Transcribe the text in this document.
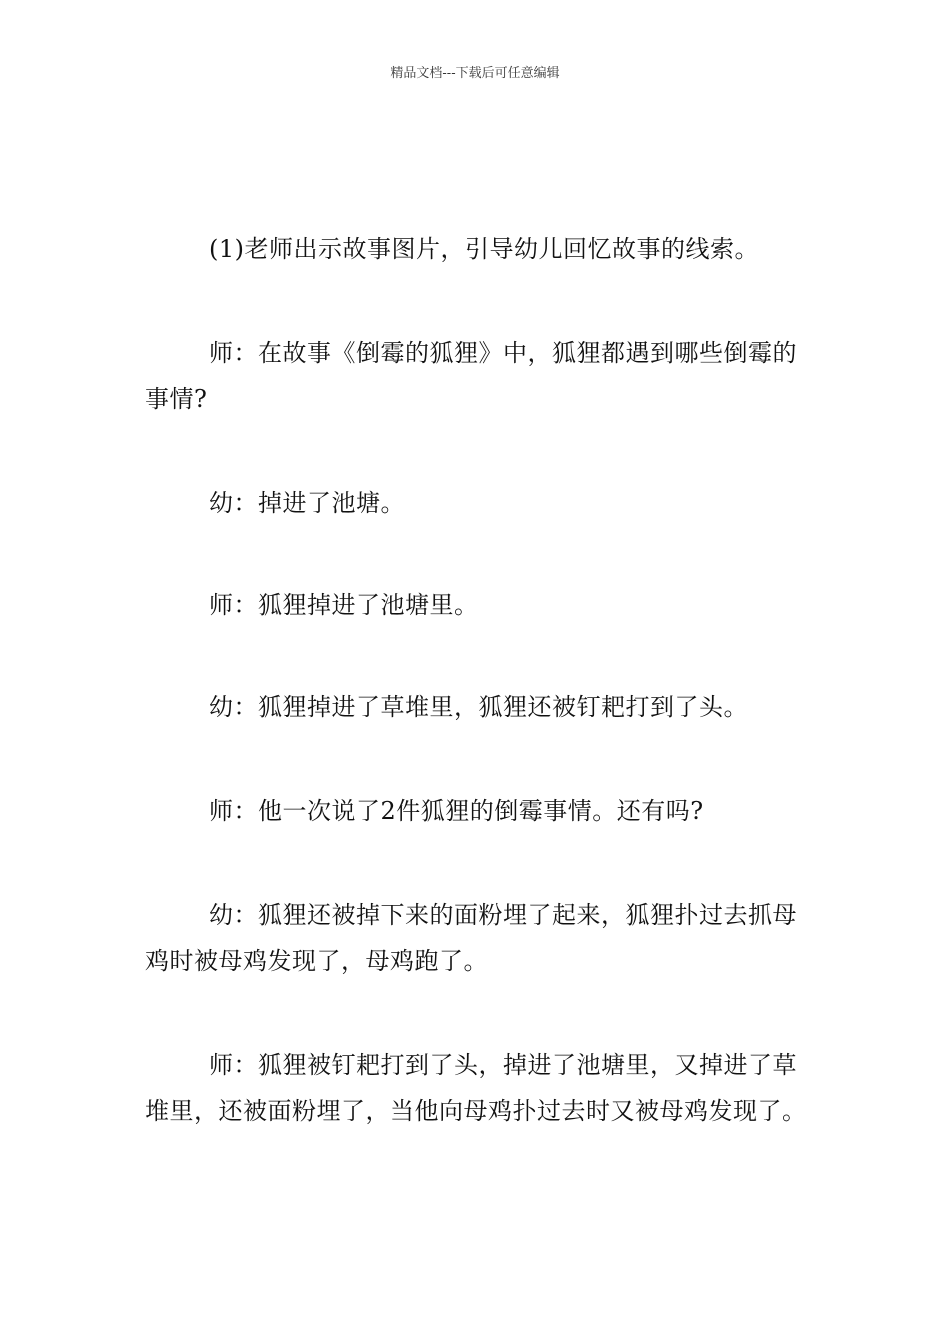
精品文档---下载后可任意编辑

(1)老师出示故事图片，引导幼儿回忆故事的线索。

师：在故事《倒霉的狐狸》中，狐狸都遇到哪些倒霉的事情?

幼：掉进了池塘。

师：狐狸掉进了池塘里。

幼：狐狸掉进了草堆里，狐狸还被钉耙打到了头。

师：他一次说了2件狐狸的倒霉事情。还有吗?

幼：狐狸还被掉下来的面粉埋了起来，狐狸扑过去抓母鸡时被母鸡发现了，母鸡跑了。

师：狐狸被钉耙打到了头，掉进了池塘里，又掉进了草堆里，还被面粉埋了，当他向母鸡扑过去时又被母鸡发现了。
